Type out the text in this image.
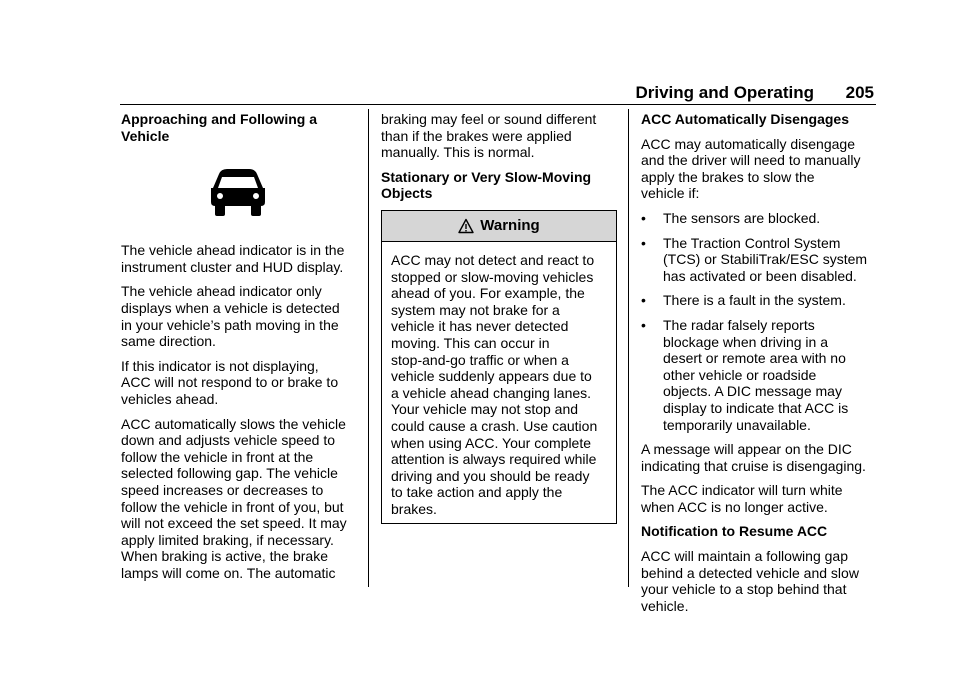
Driving and Operating 205
Approaching and Following a
Vehicle

The vehicle ahead indicator is in the
instrument cluster and HUD display.

The vehicle ahead indicator only
displays when a vehicle is detected
in your vehicle’s path moving in the
same direction.

If this indicator is not displaying,
ACC will not respond to or brake to
vehicles ahead.

ACC automatically slows the vehicle
down and adjusts vehicle speed to
follow the vehicle in front at the
selected following gap. The vehicle
speed increases or decreases to
follow the vehicle in front of you, but
will not exceed the set speed. It may
apply limited braking, if necessary.
When braking is active, the brake
lamps will come on. The automatic

braking may feel or sound different
than if the brakes were applied
manually. This is normal.

Stationary or Very Slow-Moving
Objects
Warning
ACC may not detect and react to
stopped or slow-moving vehicles
ahead of you. For example, the
system may not brake for a
vehicle it has never detected
moving. This can occur in
stop-and-go traffic or when a
vehicle suddenly appears due to
a vehicle ahead changing lanes.
Your vehicle may not stop and
could cause a crash. Use caution
when using ACC. Your complete
attention is always required while
driving and you should be ready
to take action and apply the
brakes.
ACC Automatically Disengages

ACC may automatically disengage
and the driver will need to manually
apply the brakes to slow the
vehicle if:

•	The sensors are blocked.
•	The Traction Control System
(TCS) or StabiliTrak/ESC system
has activated or been disabled.
•	There is a fault in the system.
•	The radar falsely reports
blockage when driving in a
desert or remote area with no
other vehicle or roadside
objects. A DIC message may
display to indicate that ACC is
temporarily unavailable.

A message will appear on the DIC
indicating that cruise is disengaging.

The ACC indicator will turn white
when ACC is no longer active.

Notification to Resume ACC

ACC will maintain a following gap
behind a detected vehicle and slow
your vehicle to a stop behind that
vehicle.
